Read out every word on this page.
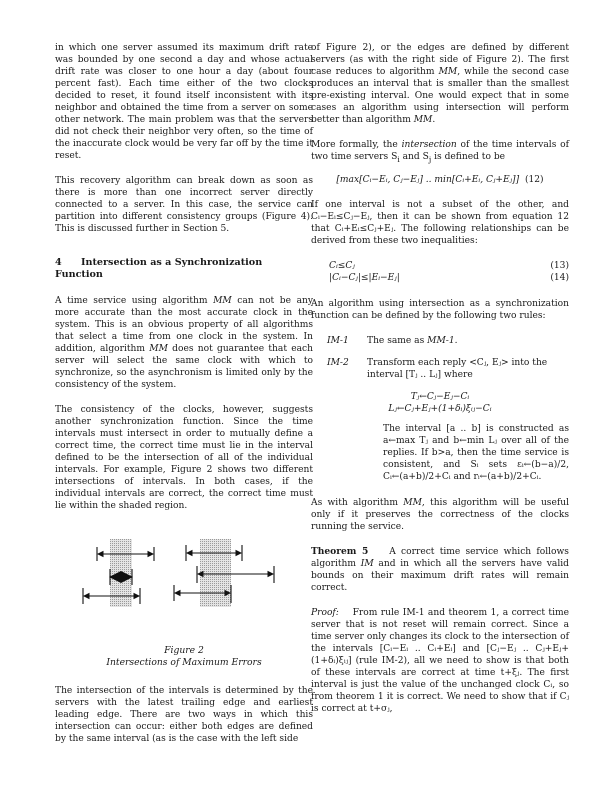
in which one server assumed its maximum drift rate was bounded by one second a day and whose actual drift rate was closer to one hour a day (about four percent fast). Each time either of the two clocks decided to reset, it found itself inconsistent with its neighbor and obtained the time from a server on some other network. The main problem was that the servers did not check their neighbor very often, so the time of the inaccurate clock would be very far off by the time it reset.

This recovery algorithm can break down as soon as there is more than one incorrect server directly connected to a server. In this case, the service can partition into different consistency groups (Figure 4). This is discussed further in Section 5.

4 Intersection as a Synchronization Function

A time service using algorithm MM can not be any more accurate than the most accurate clock in the system. This is an obvious property of all algorithms that select a time from one clock in the system. In addition, algorithm MM does not guarantee that each server will select the same clock with which to synchronize, so the asynchronism is limited only by the consistency of the system.

The consistency of the clocks, however, suggests another synchronization function. Since the time intervals must intersect in order to mutually define a correct time, the correct time must lie in the interval defined to be the intersection of all of the individual intervals. For example, Figure 2 shows two different intersections of intervals. In both cases, if the individual intervals are correct, the correct time must lie within the shaded region.

Figure 2
Intersections of Maximum Errors

The intersection of the intervals is determined by the servers with the latest trailing edge and earliest leading edge. There are two ways in which this intersection can occur: either both edges are defined by the same interval (as is the case with the left side

of Figure 2), or the edges are defined by different servers (as with the right side of Figure 2). The first case reduces to algorithm MM, while the second case produces an interval that is smaller than the smallest pre-existing interval. One would expect that in some cases an algorithm using intersection will perform better than algorithm MM.

More formally, the intersection of the time intervals of two time servers $S_i$ and $S_j$ is defined to be

[max[Cᵢ−Eᵢ, Cⱼ−Eⱼ] .. min[Cᵢ+Eᵢ, Cⱼ+Eⱼ]] (12)

If one interval is not a subset of the other, and Cᵢ−Eᵢ≤Cⱼ−Eⱼ, then it can be shown from equation 12 that Cᵢ+Eᵢ≤Cⱼ+Eⱼ. The following relationships can be derived from these two inequalities:

Cᵢ≤Cⱼ	(13)
|Cᵢ−Cⱼ|≤|Eᵢ−Eⱼ|	(14)

An algorithm using intersection as a synchronization function can be defined by the following two rules:

IM-1	The same as MM-1.
IM-2	Transform each reply <Cⱼ, Eⱼ> into the interval [Tⱼ .. Lⱼ] where
Tⱼ←Cⱼ−Eⱼ−Cᵢ
Lⱼ←Cⱼ+Eⱼ+(1+δᵢ)ξᵢⱼ−Cᵢ
The interval [a .. b] is constructed as a←max Tⱼ and b←min Lⱼ over all of the replies. If b>a, then the time service is consistent, and Sᵢ sets εᵢ←(b−a)/2, Cᵢ←(a+b)/2+Cᵢ and rᵢ←(a+b)/2+Cᵢ.

As with algorithm MM, this algorithm will be useful only if it preserves the correctness of the clocks running the service.

Theorem 5 A correct time service which follows algorithm IM and in which all the servers have valid bounds on their maximum drift rates will remain correct.

Proof: From rule IM-1 and theorem 1, a correct time server that is not reset will remain correct. Since a time server only changes its clock to the intersection of the intervals [Cᵢ−Eᵢ .. Cᵢ+Eᵢ] and [Cⱼ−Eⱼ .. Cⱼ+Eⱼ+(1+δᵢ)ξᵢⱼ] (rule IM-2), all we need to show is that both of these intervals are correct at time t+ξⱼ. The first interval is just the value of the unchanged clock Cᵢ, so from theorem 1 it is correct. We need to show that if Cⱼ is correct at t+σⱼ,
